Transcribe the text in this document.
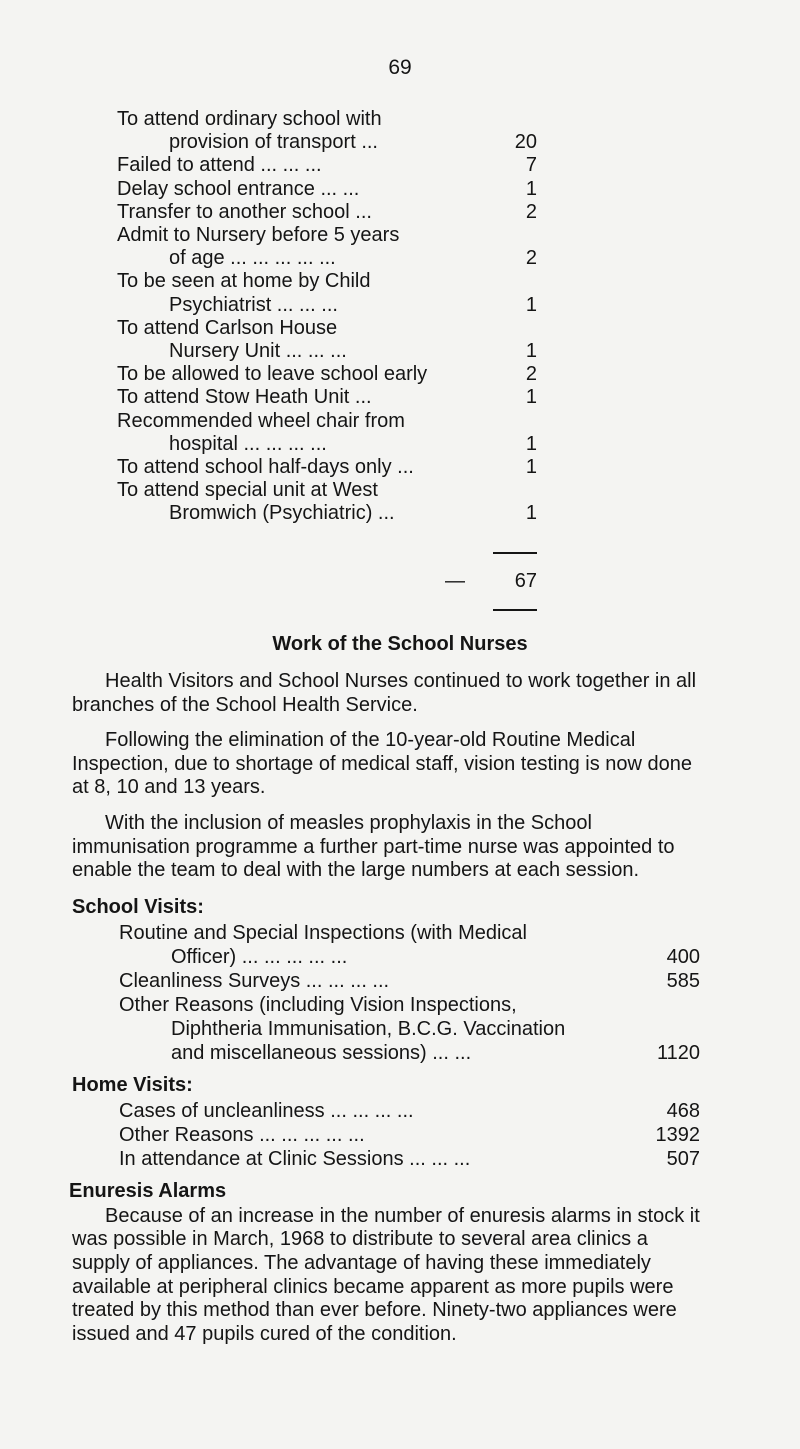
69
To attend ordinary school with
provision of transport ...	20
Failed to attend ... ... ...	7
Delay school entrance ... ...	1
Transfer to another school ...	2
Admit to Nursery before 5 years
of age ... ... ... ... ...	2
To be seen at home by Child
Psychiatrist ... ... ...	1
To attend Carlson House
Nursery Unit ... ... ...	1
To be allowed to leave school early	2
To attend Stow Heath Unit ...	1
Recommended wheel chair from
hospital ... ... ... ...	1
To attend school half-days only ...	1
To attend special unit at West
Bromwich (Psychiatric) ...	1
— 67
Work of the School Nurses

Health Visitors and School Nurses continued to work together in all branches of the School Health Service.

Following the elimination of the 10-year-old Routine Medical Inspection, due to shortage of medical staff, vision testing is now done at 8, 10 and 13 years.

With the inclusion of measles prophylaxis in the School immunisation programme a further part-time nurse was appointed to enable the team to deal with the large numbers at each session.

School Visits:
Routine and Special Inspections (with Medical
Officer) ... ... ... ... ...	400
Cleanliness Surveys ... ... ... ...	585
Other Reasons (including Vision Inspections,
Diphtheria Immunisation, B.C.G. Vaccination
and miscellaneous sessions) ... ...	1120
Home Visits:
Cases of uncleanliness ... ... ... ...	468
Other Reasons ... ... ... ... ...	1392
In attendance at Clinic Sessions ... ... ...	507
Enuresis Alarms

Because of an increase in the number of enuresis alarms in stock it was possible in March, 1968 to distribute to several area clinics a supply of appliances. The advantage of having these immediately available at peripheral clinics became apparent as more pupils were treated by this method than ever before. Ninety-two appliances were issued and 47 pupils cured of the condition.
